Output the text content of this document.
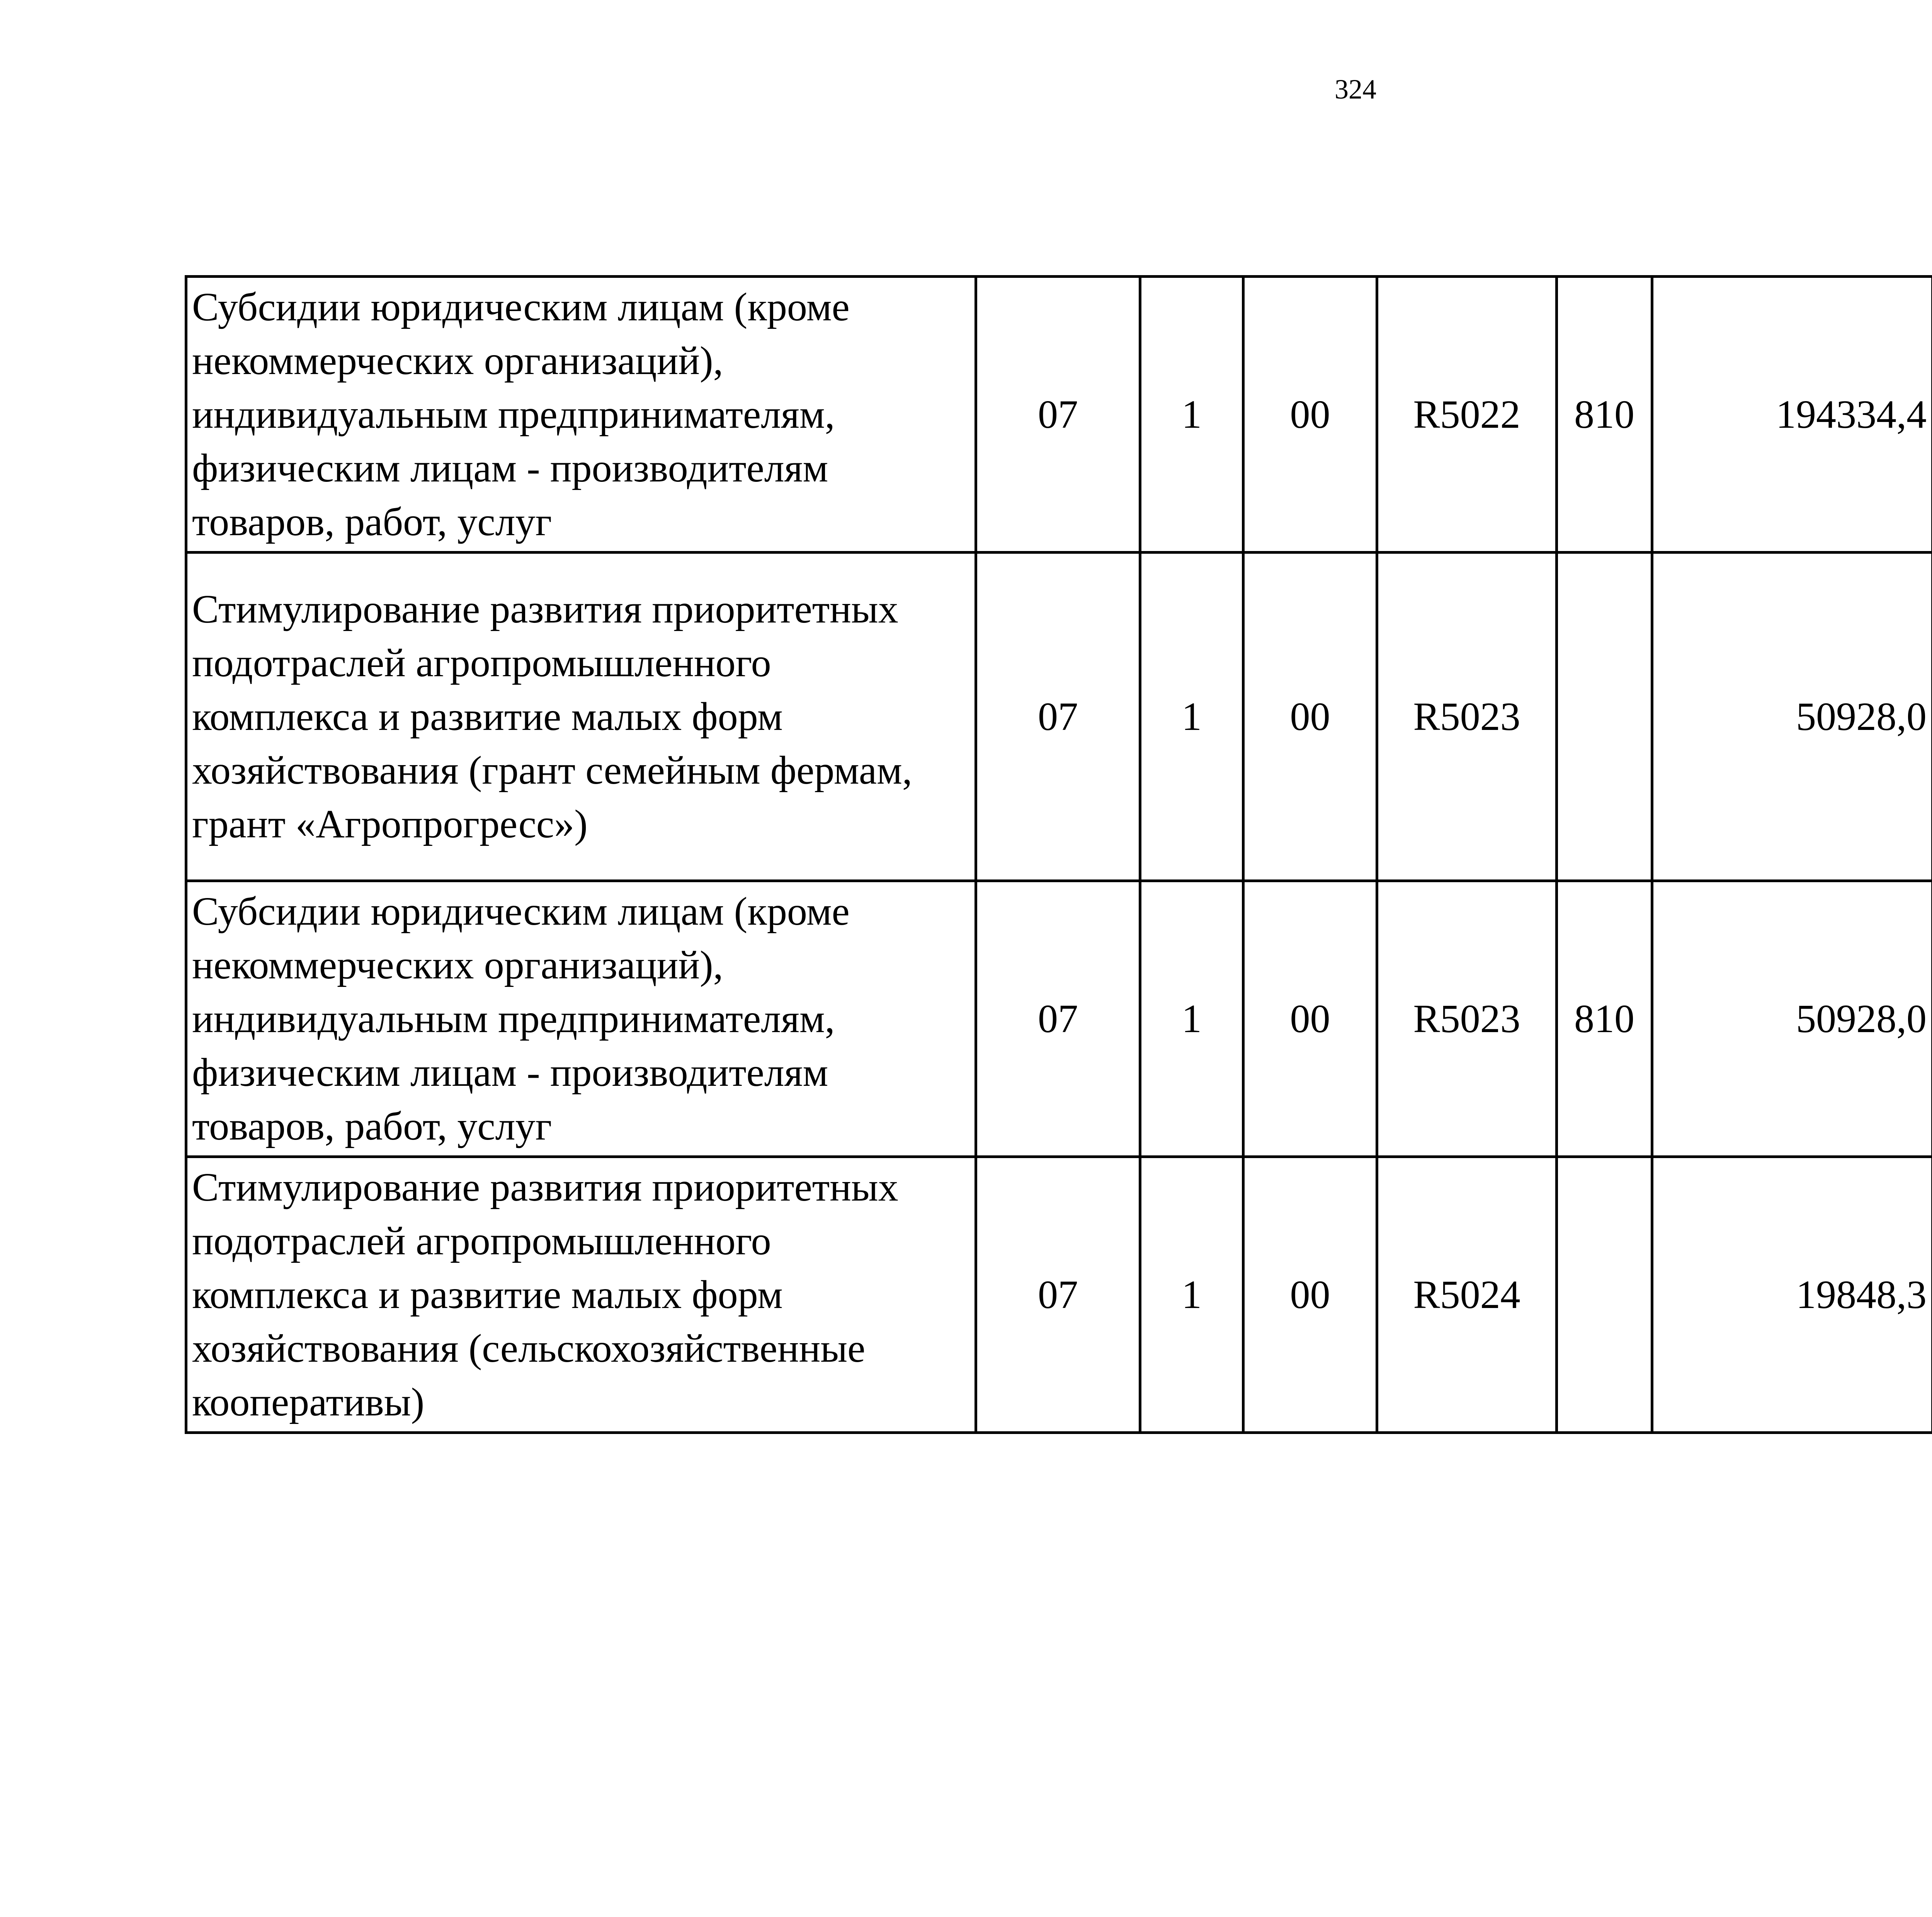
324
Субсидии юридическим лицам (кроме
некоммерческих организаций),
индивидуальным предпринимателям,
физическим лицам - производителям
товаров, работ, услуг	07	1	00	R5022	810	194334,4		
Стимулирование развития приоритетных
подотраслей агропромышленного
комплекса и развитие малых форм
хозяйствования (грант семейным фермам,
грант «Агропрогресс»)	07	1	00	R5023		50928,0		
Субсидии юридическим лицам (кроме
некоммерческих организаций),
индивидуальным предпринимателям,
физическим лицам - производителям
товаров, работ, услуг	07	1	00	R5023	810	50928,0		
Стимулирование развития приоритетных
подотраслей агропромышленного
комплекса и развитие малых форм
хозяйствования (сельскохозяйственные
кооперативы)	07	1	00	R5024		19848,3		
